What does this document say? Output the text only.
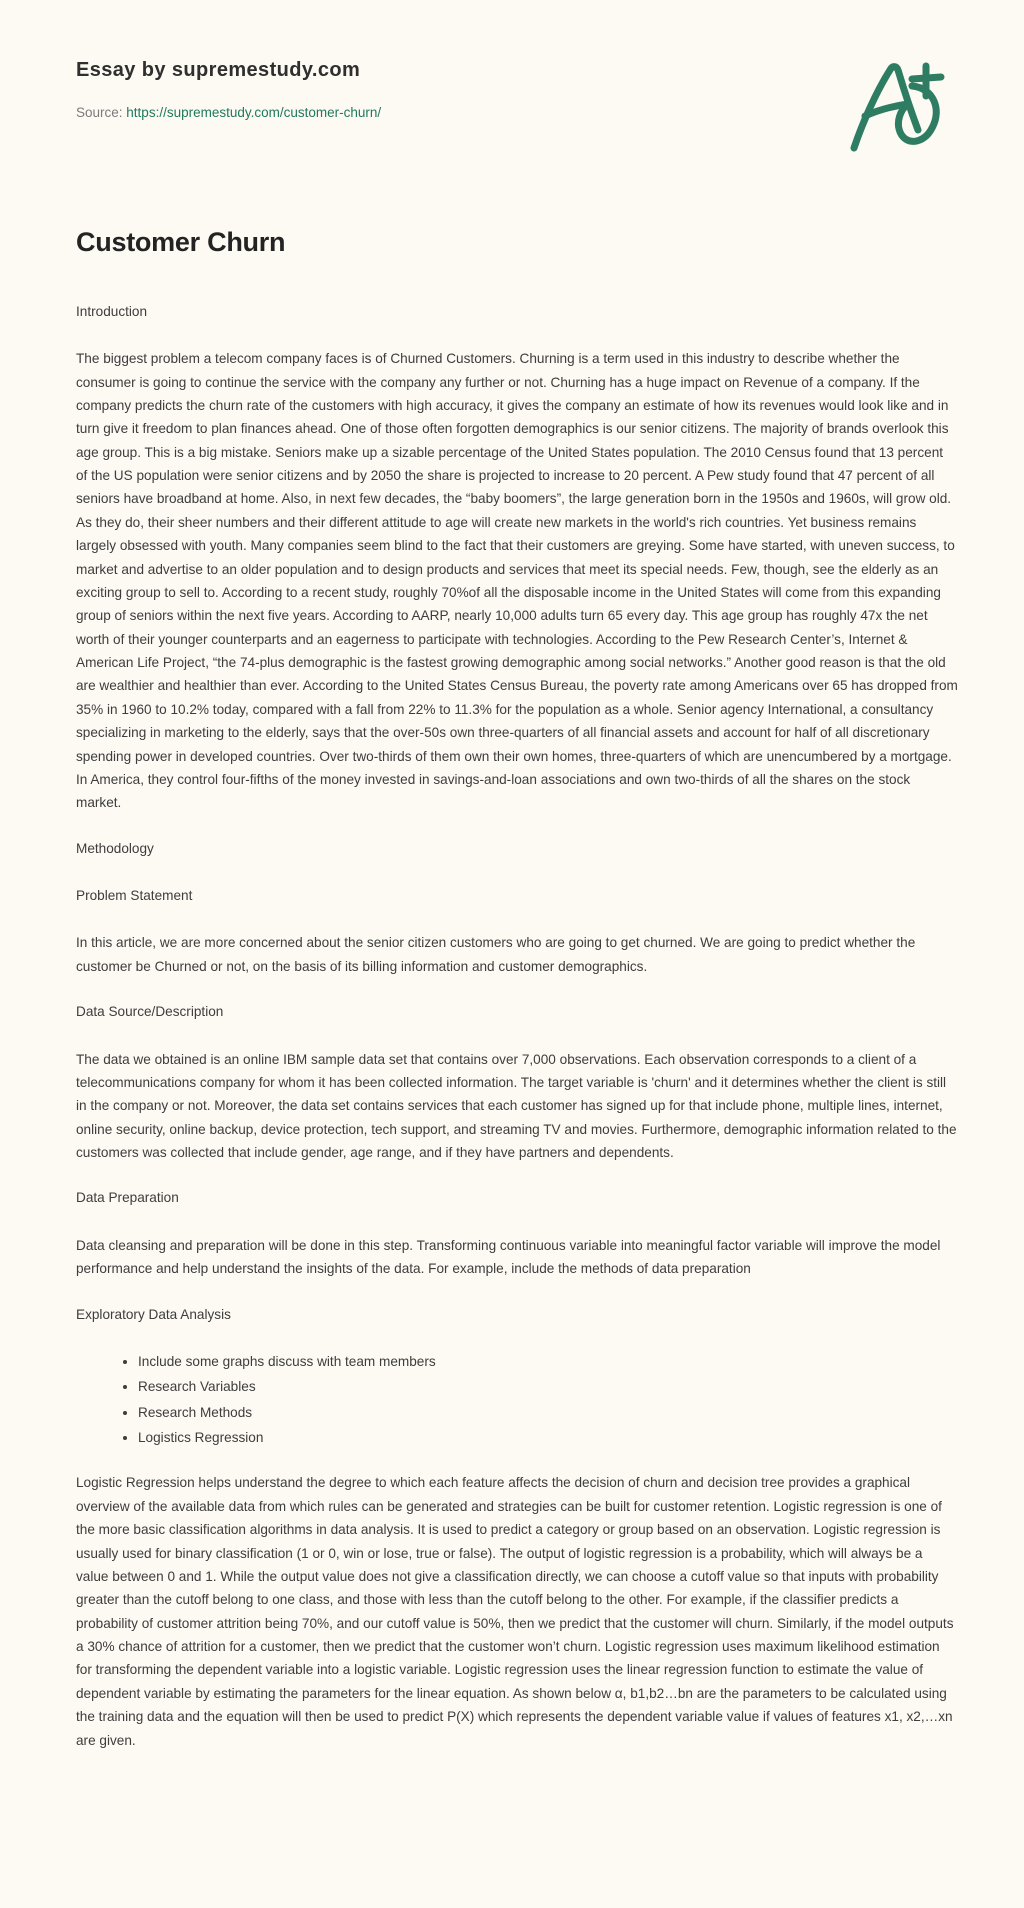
Essay by supremestudy.com
Source: https://supremestudy.com/customer-churn/
Customer Churn

Introduction

The biggest problem a telecom company faces is of Churned Customers. Churning is a term used in this industry to describe whether the consumer is going to continue the service with the company any further or not. Churning has a huge impact on Revenue of a company. If the company predicts the churn rate of the customers with high accuracy, it gives the company an estimate of how its revenues would look like and in turn give it freedom to plan finances ahead. One of those often forgotten demographics is our senior citizens. The majority of brands overlook this age group. This is a big mistake. Seniors make up a sizable percentage of the United States population. The 2010 Census found that 13 percent of the US population were senior citizens and by 2050 the share is projected to increase to 20 percent. A Pew study found that 47 percent of all seniors have broadband at home. Also, in next few decades, the “baby boomers”, the large generation born in the 1950s and 1960s, will grow old. As they do, their sheer numbers and their different attitude to age will create new markets in the world's rich countries. Yet business remains largely obsessed with youth. Many companies seem blind to the fact that their customers are greying. Some have started, with uneven success, to market and advertise to an older population and to design products and services that meet its special needs. Few, though, see the elderly as an exciting group to sell to. According to a recent study, roughly 70%of all the disposable income in the United States will come from this expanding group of seniors within the next five years. According to AARP, nearly 10,000 adults turn 65 every day. This age group has roughly 47x the net worth of their younger counterparts and an eagerness to participate with technologies. According to the Pew Research Center’s, Internet & American Life Project, “the 74-plus demographic is the fastest growing demographic among social networks.” Another good reason is that the old are wealthier and healthier than ever. According to the United States Census Bureau, the poverty rate among Americans over 65 has dropped from 35% in 1960 to 10.2% today, compared with a fall from 22% to 11.3% for the population as a whole. Senior agency International, a consultancy specializing in marketing to the elderly, says that the over-50s own three-quarters of all financial assets and account for half of all discretionary spending power in developed countries. Over two-thirds of them own their own homes, three-quarters of which are unencumbered by a mortgage. In America, they control four-fifths of the money invested in savings-and-loan associations and own two-thirds of all the shares on the stock market.

Methodology

Problem Statement

In this article, we are more concerned about the senior citizen customers who are going to get churned. We are going to predict whether the customer be Churned or not, on the basis of its billing information and customer demographics.

Data Source/Description

The data we obtained is an online IBM sample data set that contains over 7,000 observations. Each observation corresponds to a client of a telecommunications company for whom it has been collected information. The target variable is 'churn' and it determines whether the client is still in the company or not. Moreover, the data set contains services that each customer has signed up for that include phone, multiple lines, internet, online security, online backup, device protection, tech support, and streaming TV and movies. Furthermore, demographic information related to the customers was collected that include gender, age range, and if they have partners and dependents.

Data Preparation

Data cleansing and preparation will be done in this step. Transforming continuous variable into meaningful factor variable will improve the model performance and help understand the insights of the data. For example, include the methods of data preparation

Exploratory Data Analysis

• Include some graphs discuss with team members
• Research Variables
• Research Methods
• Logistics Regression

Logistic Regression helps understand the degree to which each feature affects the decision of churn and decision tree provides a graphical overview of the available data from which rules can be generated and strategies can be built for customer retention. Logistic regression is one of the more basic classification algorithms in data analysis. It is used to predict a category or group based on an observation. Logistic regression is usually used for binary classification (1 or 0, win or lose, true or false). The output of logistic regression is a probability, which will always be a value between 0 and 1. While the output value does not give a classification directly, we can choose a cutoff value so that inputs with probability greater than the cutoff belong to one class, and those with less than the cutoff belong to the other. For example, if the classifier predicts a probability of customer attrition being 70%, and our cutoff value is 50%, then we predict that the customer will churn. Similarly, if the model outputs a 30% chance of attrition for a customer, then we predict that the customer won’t churn. Logistic regression uses maximum likelihood estimation for transforming the dependent variable into a logistic variable. Logistic regression uses the linear regression function to estimate the value of dependent variable by estimating the parameters for the linear equation. As shown below α, b1,b2…bn are the parameters to be calculated using the training data and the equation will then be used to predict P(X) which represents the dependent variable value if values of features x1, x2,…xn are given.
